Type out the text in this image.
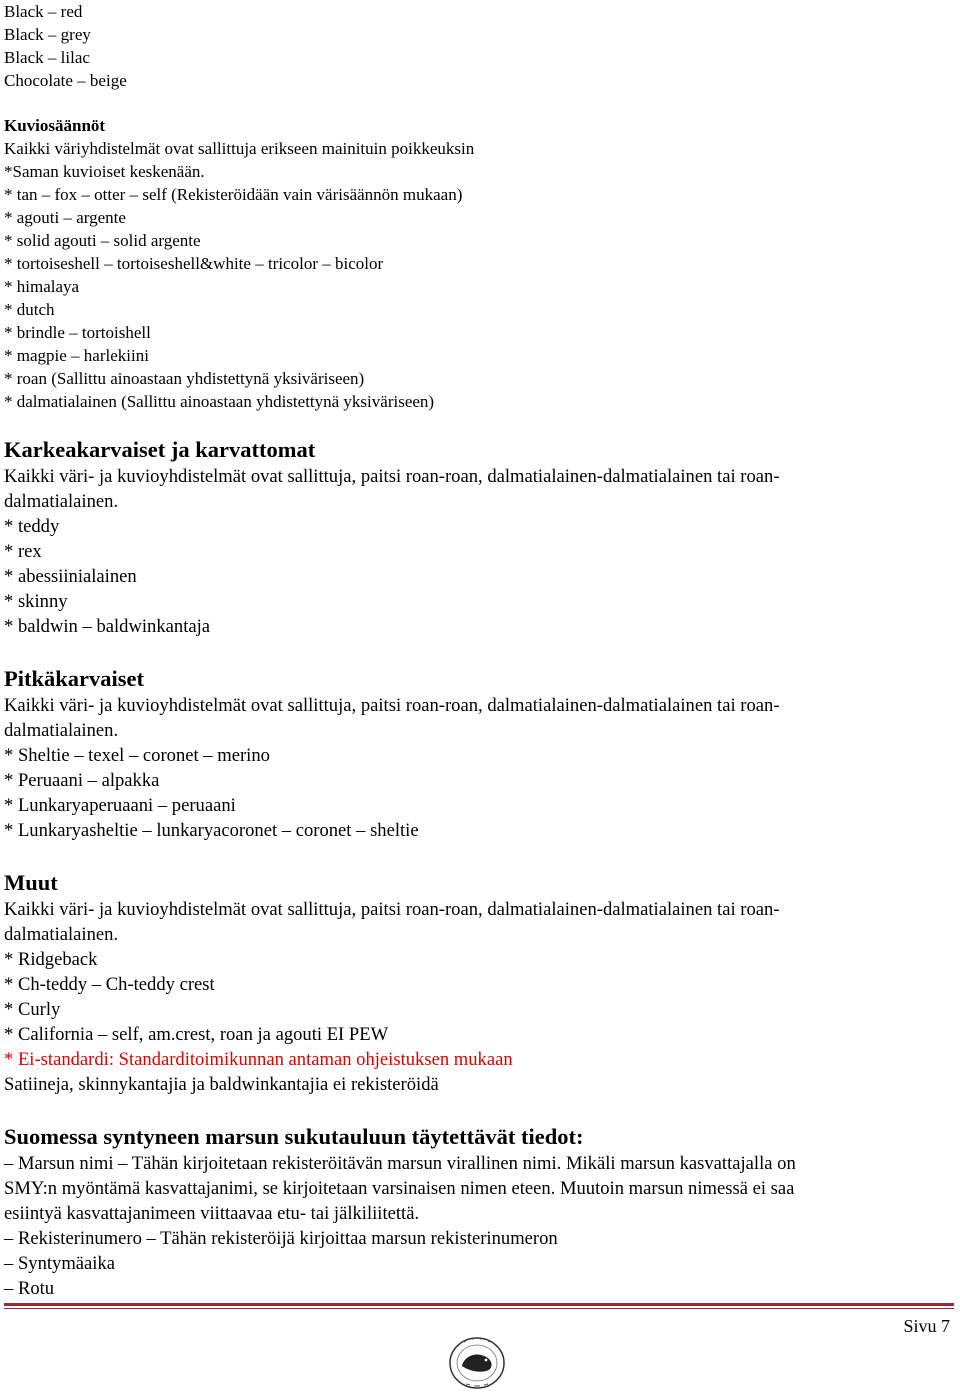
Black – red
Black – grey
Black – lilac
Chocolate – beige
Kuviosäännöt
Kaikki väriyhdistelmät ovat sallittuja erikseen mainituin poikkeuksin
*Saman kuvioiset keskenään.
* tan – fox – otter – self (Rekisteröidään vain värisäännön mukaan)
* agouti – argente
* solid agouti – solid argente
* tortoiseshell – tortoiseshell&white – tricolor – bicolor
* himalaya
* dutch
* brindle – tortoishell
* magpie – harlekiini
* roan (Sallittu ainoastaan yhdistettynä yksiväriseen)
* dalmatialainen (Sallittu ainoastaan yhdistettynä yksiväriseen)
Karkeakarvaiset ja karvattomat
Kaikki väri- ja kuvioyhdistelmät ovat sallittuja, paitsi roan-roan, dalmatialainen-dalmatialainen tai roan-
dalmatialainen.
* teddy
* rex
* abessiinialainen
* skinny
* baldwin – baldwinkantaja
Pitkäkarvaiset
Kaikki väri- ja kuvioyhdistelmät ovat sallittuja, paitsi roan-roan, dalmatialainen-dalmatialainen tai roan-
dalmatialainen.
* Sheltie – texel – coronet – merino
* Peruaani – alpakka
* Lunkaryaperuaani – peruaani
* Lunkaryasheltie – lunkaryacoronet – coronet – sheltie
Muut
Kaikki väri- ja kuvioyhdistelmät ovat sallittuja, paitsi roan-roan, dalmatialainen-dalmatialainen tai roan-
dalmatialainen.
* Ridgeback
* Ch-teddy – Ch-teddy crest
* Curly
* California – self, am.crest, roan ja agouti EI PEW
* Ei-standardi: Standarditoimikunnan antaman ohjeistuksen mukaan
Satiineja, skinnykantajia ja baldwinkantajia ei rekisteröidä
Suomessa syntyneen marsun sukutauluun täytettävät tiedot:
– Marsun nimi – Tähän kirjoitetaan rekisteröitävän marsun virallinen nimi. Mikäli marsun kasvattajalla on
SMY:n myöntämä kasvattajanimi, se kirjoitetaan varsinaisen nimen eteen. Muutoin marsun nimessä ei saa
esiintyä kasvattajanimeen viittaavaa etu- tai jälkiliitettä.
– Rekisterinumero – Tähän rekisteröijä kirjoittaa marsun rekisterinumeron
– Syntymäaika
– Rotu
Sivu 7
